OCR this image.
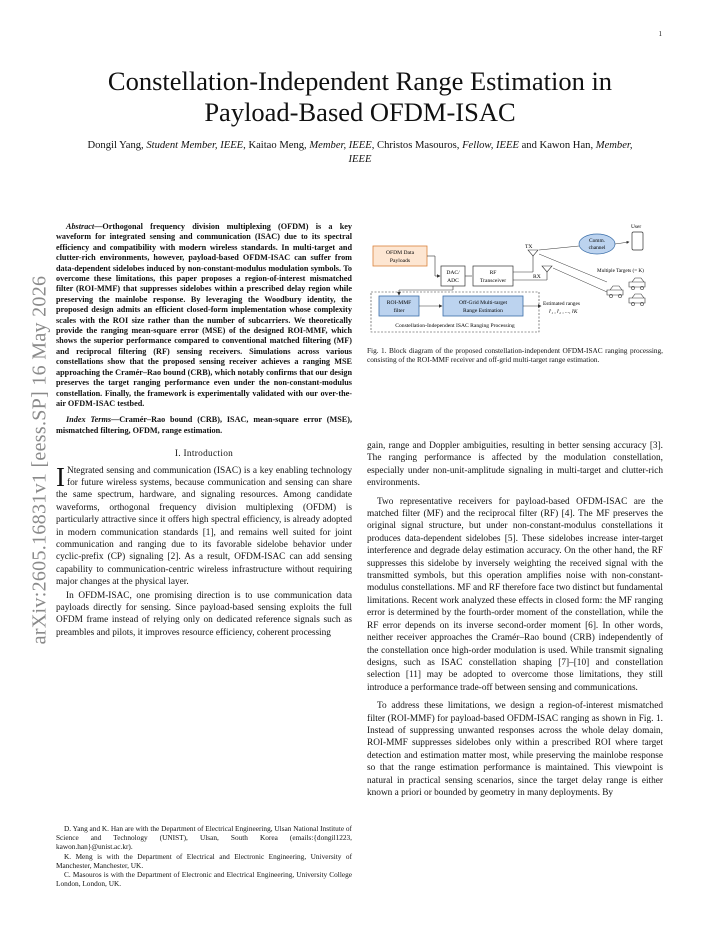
1
arXiv:2605.16831v1 [eess.SP] 16 May 2026
Constellation-Independent Range Estimation in Payload-Based OFDM-ISAC
Dongil Yang, Student Member, IEEE, Kaitao Meng, Member, IEEE, Christos Masouros, Fellow, IEEE and Kawon Han, Member, IEEE

Abstract—Orthogonal frequency division multiplexing (OFDM) is a key waveform for integrated sensing and communication (ISAC) due to its spectral efficiency and compatibility with modern wireless standards. In multi-target and clutter-rich environments, however, payload-based OFDM-ISAC can suffer from data-dependent sidelobes induced by non-constant-modulus modulation symbols. To overcome these limitations, this paper proposes a region-of-interest mismatched filter (ROI-MMF) that suppresses sidelobes within a prescribed delay region while preserving the mainlobe response. By leveraging the Woodbury identity, the proposed design admits an efficient closed-form implementation whose complexity scales with the ROI size rather than the number of subcarriers. We theoretically provide the ranging mean-square error (MSE) of the designed ROI-MMF, which shows the superior performance compared to conventional matched filtering (MF) and reciprocal filtering (RF) sensing receivers. Simulations across various constellations show that the proposed sensing receiver achieves a ranging MSE approaching the Cramér–Rao bound (CRB), which notably confirms that our design preserves the target ranging performance even under the non-constant-modulus constellation. Finally, the framework is experimentally validated with our over-the-air OFDM-ISAC testbed.

Index Terms—Cramér–Rao bound (CRB), ISAC, mean-square error (MSE), mismatched filtering, OFDM, range estimation.

I. Introduction

I Ntegrated sensing and communication (ISAC) is a key enabling technology for future wireless systems, because communication and sensing can share the same spectrum, hardware, and signaling resources. Among candidate waveforms, orthogonal frequency division multiplexing (OFDM) is particularly attractive since it offers high spectral efficiency, is already adopted in modern communication standards [1], and remains well suited for joint communication and ranging due to its favorable sidelobe behavior under cyclic-prefix (CP) signaling [2]. As a result, OFDM-ISAC can add sensing capability to communication-centric wireless infrastructure without requiring major changes at the physical layer.

In OFDM-ISAC, one promising direction is to use communication data payloads directly for sensing. Since payload-based sensing exploits the full OFDM frame instead of relying only on dedicated reference signals such as preambles and pilots, it improves resource efficiency, coherent processing

D. Yang and K. Han are with the Department of Electrical Engineering, Ulsan National Institute of Science and Technology (UNIST), Ulsan, South Korea (emails:{dongil1223, kawon.han}@unist.ac.kr).

K. Meng is with the Department of Electrical and Electronic Engineering, University of Manchester, Manchester, UK.

C. Masouros is with the Department of Electronic and Electrical Engineering, University College London, London, UK.

OFDM Data
Payloads
DAC/
ADC
RF
Transceiver
TX
RX
Comm.
channel
User
Multiple Targets (= K)
ROI-MMF
filter
Off-Grid Multi-target
Range Estimation
Estimated ranges
r̂₁ , r̂₂ , ..., r̂K
Constellation-Independent ISAC Ranging Processing
Fig. 1. Block diagram of the proposed constellation-independent OFDM-ISAC ranging processing, consisting of the ROI-MMF receiver and off-grid multi-target range estimation.

gain, range and Doppler ambiguities, resulting in better sensing accuracy [3]. The ranging performance is affected by the modulation constellation, especially under non-unit-amplitude signaling in multi-target and clutter-rich environments.

Two representative receivers for payload-based OFDM-ISAC are the matched filter (MF) and the reciprocal filter (RF) [4]. The MF preserves the original signal structure, but under non-constant-modulus constellations it produces data-dependent sidelobes [5]. These sidelobes increase inter-target interference and degrade delay estimation accuracy. On the other hand, the RF suppresses this sidelobe by inversely weighting the received signal with the transmitted symbols, but this operation amplifies noise with non-constant-modulus constellations. MF and RF therefore face two distinct but fundamental limitations. Recent work analyzed these effects in closed form: the MF ranging error is determined by the fourth-order moment of the constellation, while the RF error depends on its inverse second-order moment [6]. In other words, neither receiver approaches the Cramér–Rao bound (CRB) independently of the constellation once high-order modulation is used. While transmit signaling designs, such as ISAC constellation shaping [7]–[10] and constellation selection [11] may be adopted to overcome those limitations, they still introduce a performance trade-off between sensing and communications.

To address these limitations, we design a region-of-interest mismatched filter (ROI-MMF) for payload-based OFDM-ISAC ranging as shown in Fig. 1. Instead of suppressing unwanted responses across the whole delay domain, ROI-MMF suppresses sidelobes only within a prescribed ROI where target detection and estimation matter most, while preserving the mainlobe response so that the range estimation performance is maintained. This viewpoint is natural in practical sensing scenarios, since the target delay range is either known a priori or bounded by geometry in many deployments. By
